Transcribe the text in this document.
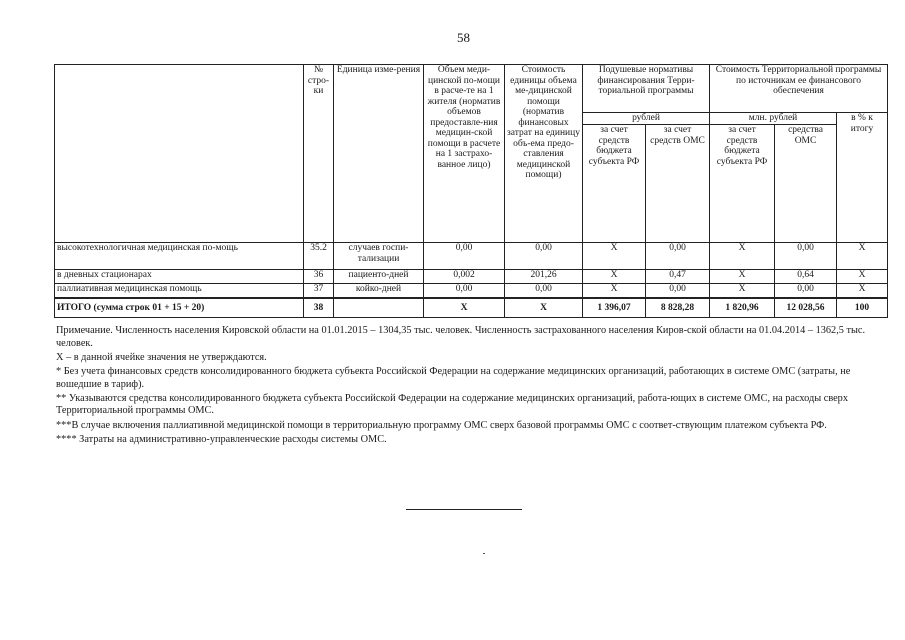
58
	№ стро-ки	Единица изме-рения	Объем меди-цинской по-мощи в расче-те на 1 жителя (норматив объемов предоставле-ния медицин-ской помощи в расчете на 1 застрахо-ванное лицо)	Стоимость единицы объема ме-дицинской помощи (норматив финансовых затрат на единицу объ-ема предо-ставления медицинской помощи)	Подушевые нормативы финансирования Терри-ториальной программы		Стоимость Территориальной программы по источникам ее финансового обеспечения		
					рублей		млн. рублей		в % к итогу
					за счет средств бюджета субъекта РФ	за счет средств ОМС	за счет средств бюджета субъекта РФ	средства ОМС	
высокотехнологичная медицинская по-мощь	35.2	случаев госпи-тализации	0,00	0,00	X	0,00	X	0,00	X
в дневных стационарах	36	пациенто-дней	0,002	201,26	X	0,47	X	0,64	X
паллиативная медицинская помощь	37	койко-дней	0,00	0,00	X	0,00	X	0,00	X
ИТОГО (сумма строк 01 + 15 + 20)	38		X	X	1 396,07	8 828,28	1 820,96	12 028,56	100

Примечание. Численность населения Кировской области на 01.01.2015 – 1304,35 тыс. человек. Численность застрахованного населения Киров-ской области на 01.04.2014 – 1362,5 тыс. человек.

X – в данной ячейке значения не утверждаются.

* Без учета финансовых средств консолидированного бюджета субъекта Российской Федерации на содержание медицинских организаций, работающих в системе ОМС (затраты, не вошедшие в тариф).

** Указываются средства консолидированного бюджета субъекта Российской Федерации на содержание медицинских организаций, работа-ющих в системе ОМС, на расходы сверх Территориальной программы ОМС.

***В случае включения паллиативной медицинской помощи в территориальную программу ОМС сверх базовой программы ОМС с соответ-ствующим платежом субъекта РФ.

**** Затраты на административно-управленческие расходы системы ОМС.
